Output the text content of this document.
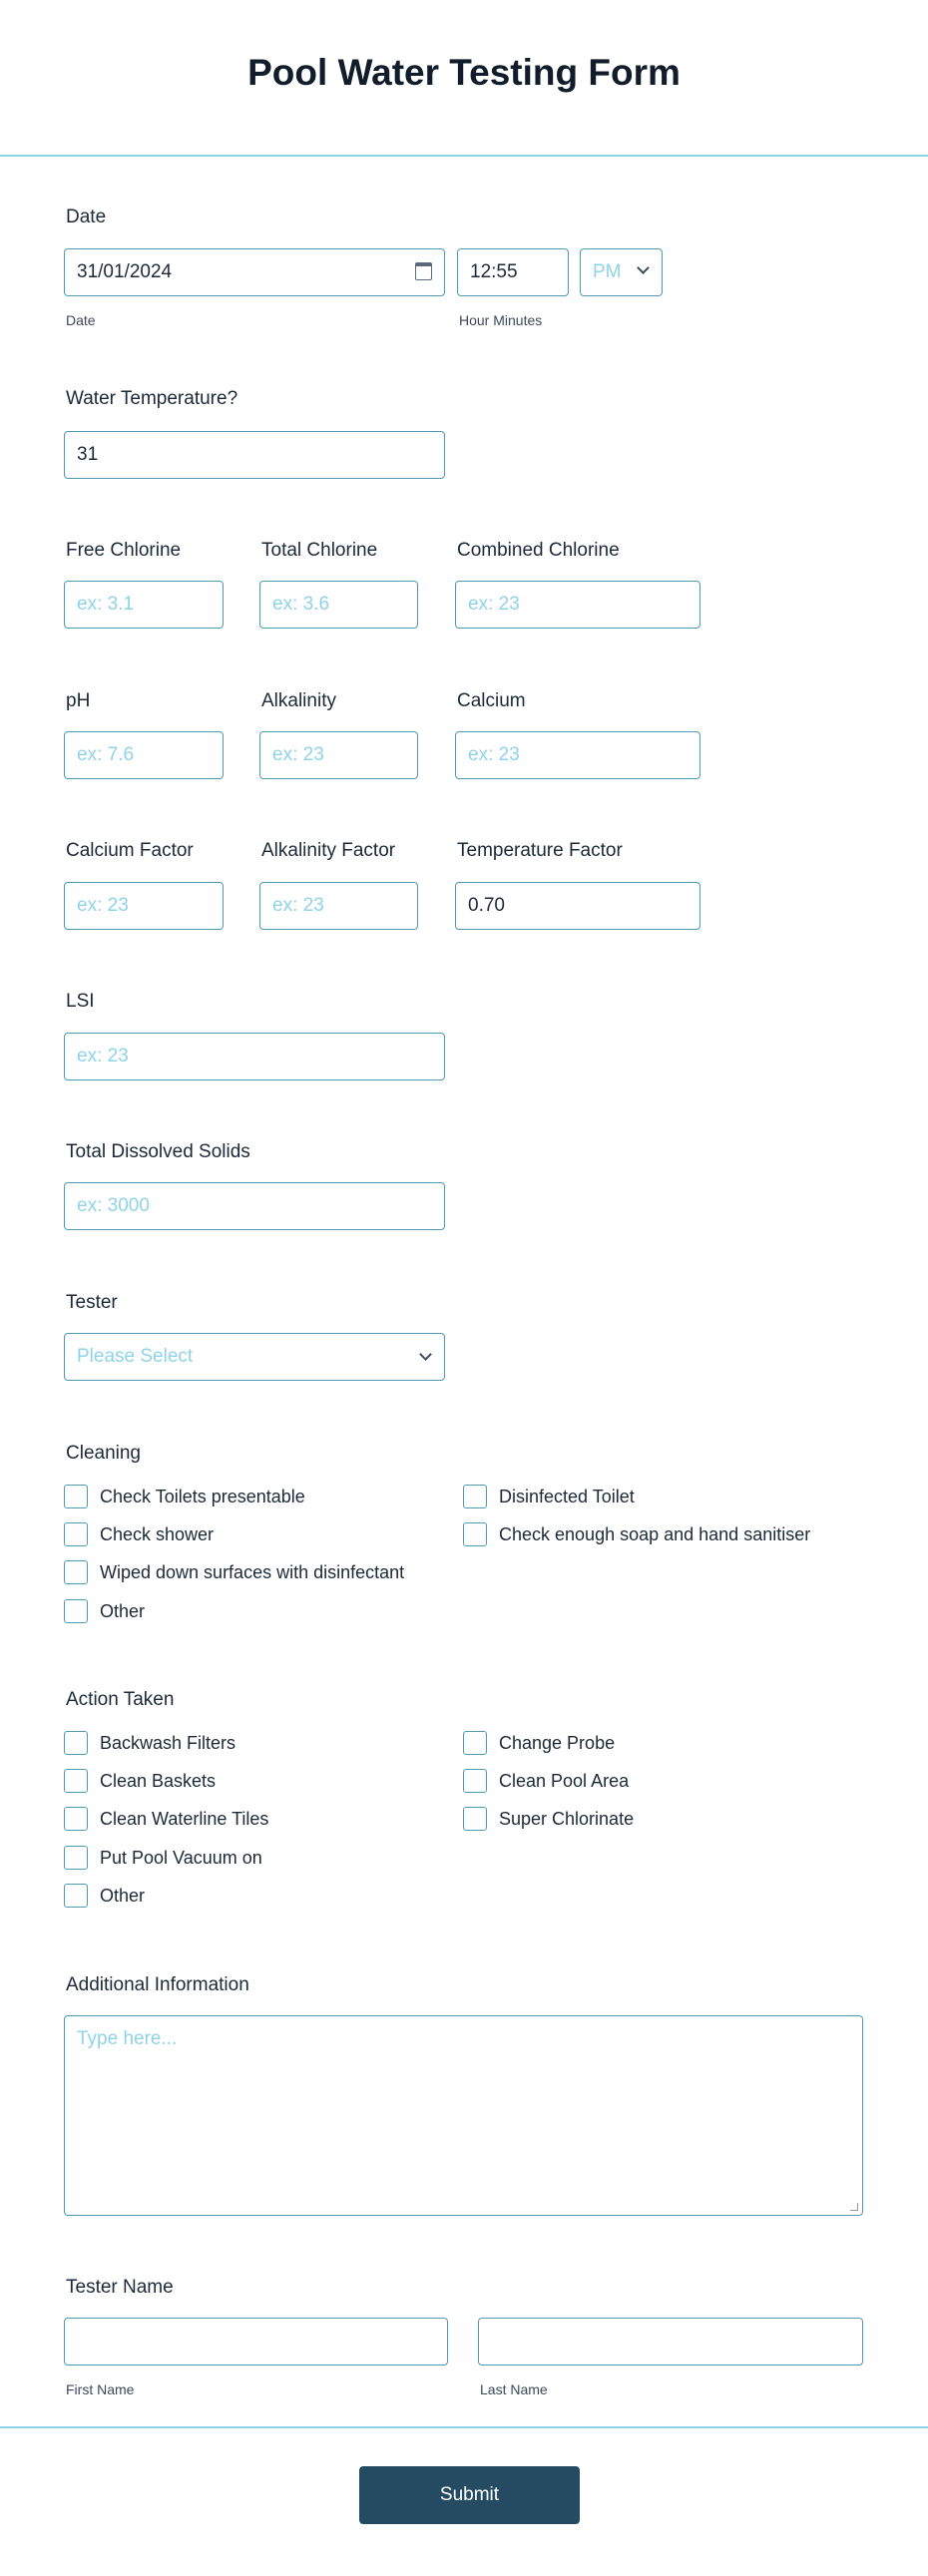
Pool Water Testing Form
Date
31/01/2024	12:55	PM
Date	Hour Minutes
Water Temperature?
31
Free Chlorine	Total Chlorine	Combined Chlorine
ex: 3.1	ex: 3.6	ex: 23
pH	Alkalinity	Calcium
ex: 7.6	ex: 23	ex: 23
Calcium Factor	Alkalinity Factor	Temperature Factor
ex: 23	ex: 23	0.70
LSI
ex: 23
Total Dissolved Solids
ex: 3000
Tester
Please Select
Cleaning
Check Toilets presentable	Disinfected Toilet
Check shower	Check enough soap and hand sanitiser
Wiped down surfaces with disinfectant
Other
Action Taken
Backwash Filters	Change Probe
Clean Baskets	Clean Pool Area
Clean Waterline Tiles	Super Chlorinate
Put Pool Vacuum on
Other
Additional Information
Type here...
Tester Name
First Name	Last Name
Submit
